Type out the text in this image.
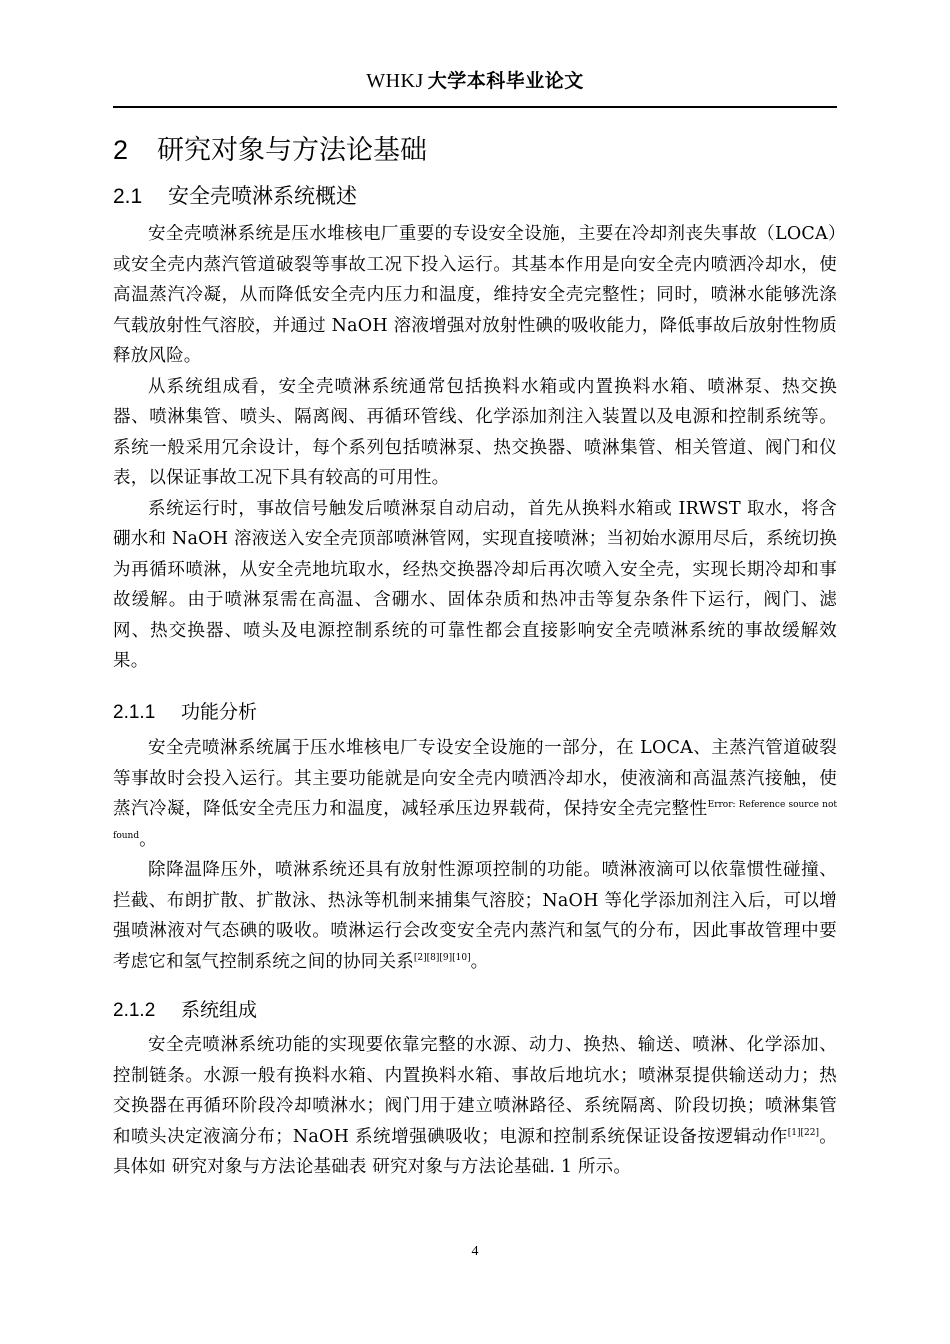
WHKJ 大学本科毕业论文
2 研究对象与方法论基础
2.1 安全壳喷淋系统概述

安全壳喷淋系统是压水堆核电厂重要的专设安全设施，主要在冷却剂丧失事故（LOCA）或安全壳内蒸汽管道破裂等事故工况下投入运行。其基本作用是向安全壳内喷洒冷却水，使高温蒸汽冷凝，从而降低安全壳内压力和温度，维持安全壳完整性；同时，喷淋水能够洗涤气载放射性气溶胶，并通过 NaOH 溶液增强对放射性碘的吸收能力，降低事故后放射性物质释放风险。

从系统组成看，安全壳喷淋系统通常包括换料水箱或内置换料水箱、喷淋泵、热交换器、喷淋集管、喷头、隔离阀、再循环管线、化学添加剂注入装置以及电源和控制系统等。系统一般采用冗余设计，每个系列包括喷淋泵、热交换器、喷淋集管、相关管道、阀门和仪表，以保证事故工况下具有较高的可用性。

系统运行时，事故信号触发后喷淋泵自动启动，首先从换料水箱或 IRWST 取水，将含硼水和 NaOH 溶液送入安全壳顶部喷淋管网，实现直接喷淋；当初始水源用尽后，系统切换为再循环喷淋，从安全壳地坑取水，经热交换器冷却后再次喷入安全壳，实现长期冷却和事故缓解。由于喷淋泵需在高温、含硼水、固体杂质和热冲击等复杂条件下运行，阀门、滤网、热交换器、喷头及电源控制系统的可靠性都会直接影响安全壳喷淋系统的事故缓解效果。

2.1.1 功能分析

安全壳喷淋系统属于压水堆核电厂专设安全设施的一部分，在 LOCA、主蒸汽管道破裂等事故时会投入运行。其主要功能就是向安全壳内喷洒冷却水，使液滴和高温蒸汽接触，使蒸汽冷凝，降低安全壳压力和温度，减轻承压边界载荷，保持安全壳完整性$^{Error: Reference source not found}$。

除降温降压外，喷淋系统还具有放射性源项控制的功能。喷淋液滴可以依靠惯性碰撞、拦截、布朗扩散、扩散泳、热泳等机制来捕集气溶胶；NaOH 等化学添加剂注入后，可以增强喷淋液对气态碘的吸收。喷淋运行会改变安全壳内蒸汽和氢气的分布，因此事故管理中要考虑它和氢气控制系统之间的协同关系[2][8][9][10]。

2.1.2 系统组成

安全壳喷淋系统功能的实现要依靠完整的水源、动力、换热、输送、喷淋、化学添加、控制链条。水源一般有换料水箱、内置换料水箱、事故后地坑水；喷淋泵提供输送动力；热交换器在再循环阶段冷却喷淋水；阀门用于建立喷淋路径、系统隔离、阶段切换；喷淋集管和喷头决定液滴分布；NaOH 系统增强碘吸收；电源和控制系统保证设备按逻辑动作[1][22]。具体如 研究对象与方法论基础表 研究对象与方法论基础. 1 所示。

4
